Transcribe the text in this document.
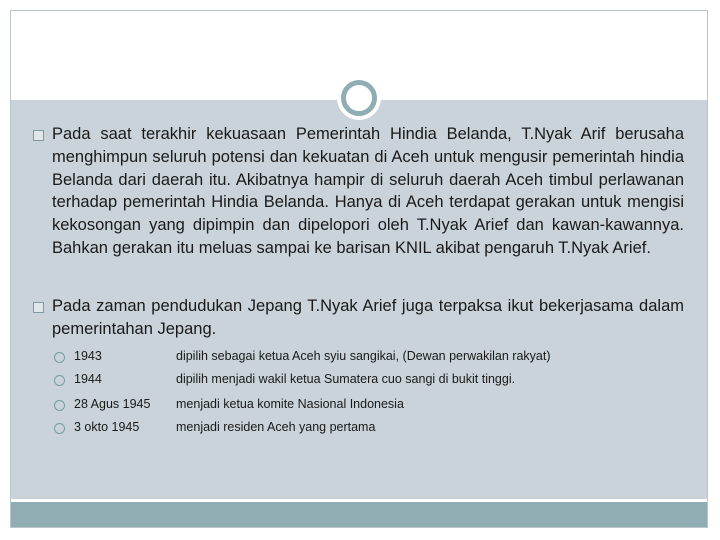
Pada saat terakhir kekuasaan Pemerintah Hindia Belanda, T.Nyak Arif berusaha menghimpun seluruh potensi dan kekuatan di Aceh untuk mengusir pemerintah hindia Belanda dari daerah itu. Akibatnya hampir di seluruh daerah Aceh timbul perlawanan terhadap pemerintah Hindia Belanda. Hanya di Aceh terdapat gerakan untuk mengisi kekosongan yang dipimpin dan dipelopori oleh T.Nyak Arief dan kawan-kawannya. Bahkan gerakan itu meluas sampai ke barisan KNIL akibat pengaruh T.Nyak Arief.

Pada zaman pendudukan Jepang T.Nyak Arief juga terpaksa ikut bekerjasama dalam pemerintahan Jepang.

1943	dipilih sebagai ketua Aceh syiu sangikai, (Dewan perwakilan rakyat)
1944	dipilih menjadi wakil ketua Sumatera cuo sangi di bukit tinggi.
28 Agus 1945 menjadi ketua komite Nasional Indonesia
3 okto 1945	menjadi residen Aceh yang pertama
